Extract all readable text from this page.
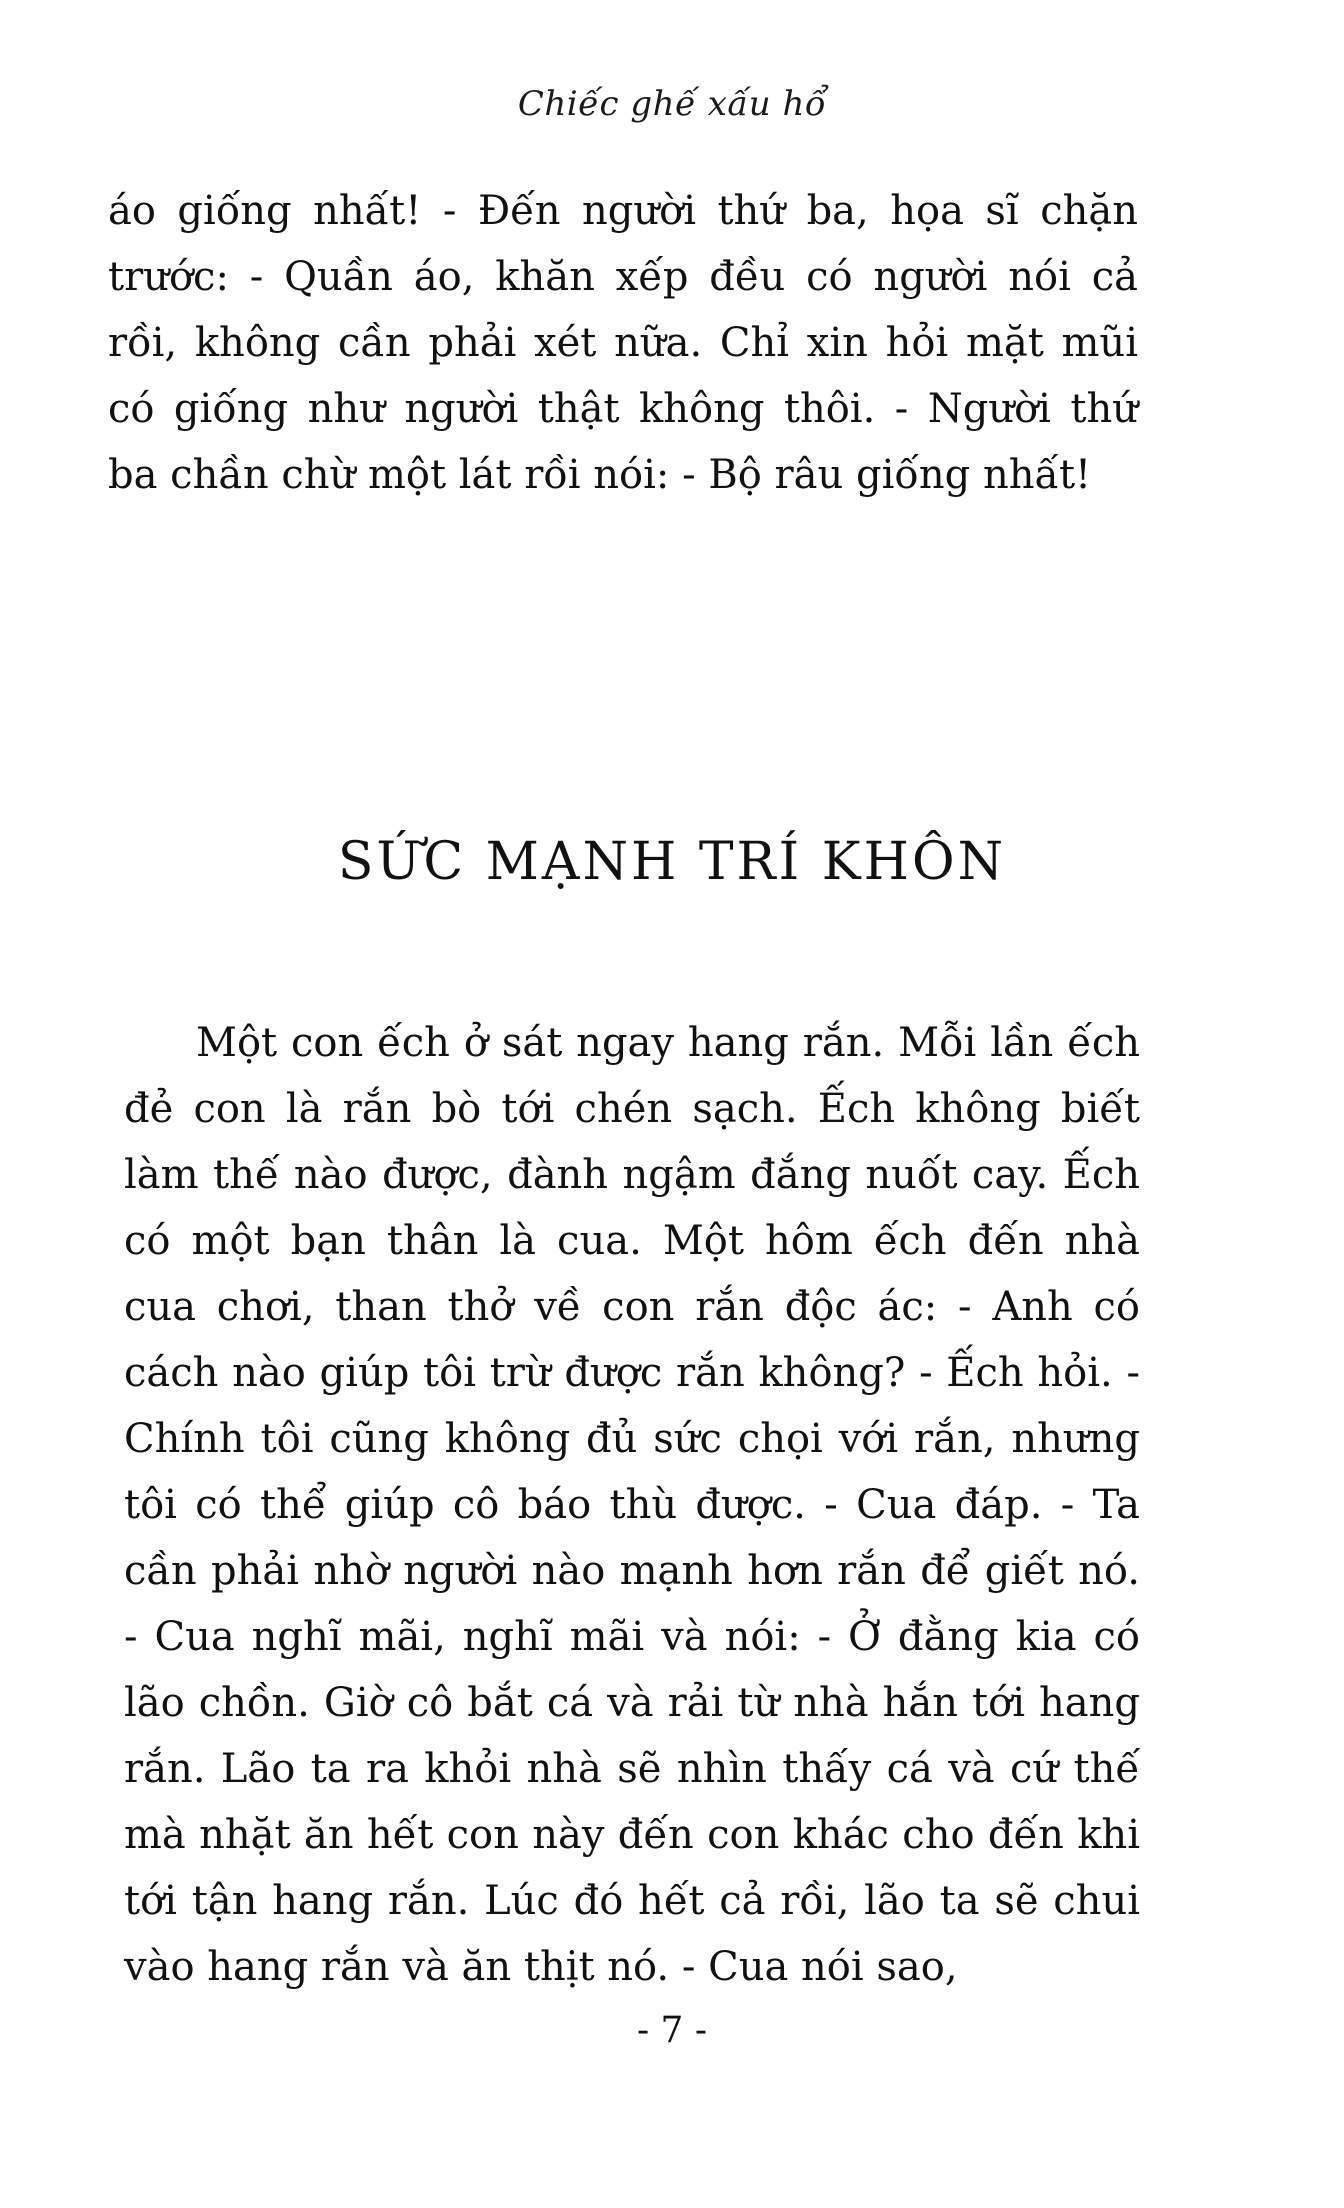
Chiếc ghế xấu hổ

áo giống nhất! - Đến người thứ ba, họa sĩ chặn trước: - Quần áo, khăn xếp đều có người nói cả rồi, không cần phải xét nữa. Chỉ xin hỏi mặt mũi có giống như người thật không thôi. - Người thứ ba chần chừ một lát rồi nói: - Bộ râu giống nhất!

SỨC MẠNH TRÍ KHÔN

Một con ếch ở sát ngay hang rắn. Mỗi lần ếch đẻ con là rắn bò tới chén sạch. Ếch không biết làm thế nào được, đành ngậm đắng nuốt cay. Ếch có một bạn thân là cua. Một hôm ếch đến nhà cua chơi, than thở về con rắn độc ác: - Anh có cách nào giúp tôi trừ được rắn không? - Ếch hỏi. - Chính tôi cũng không đủ sức chọi với rắn, nhưng tôi có thể giúp cô báo thù được. - Cua đáp. - Ta cần phải nhờ người nào mạnh hơn rắn để giết nó. - Cua nghĩ mãi, nghĩ mãi và nói: - Ở đằng kia có lão chồn. Giờ cô bắt cá và rải từ nhà hắn tới hang rắn. Lão ta ra khỏi nhà sẽ nhìn thấy cá và cứ thế mà nhặt ăn hết con này đến con khác cho đến khi tới tận hang rắn. Lúc đó hết cả rồi, lão ta sẽ chui vào hang rắn và ăn thịt nó. - Cua nói sao,

- 7 -
